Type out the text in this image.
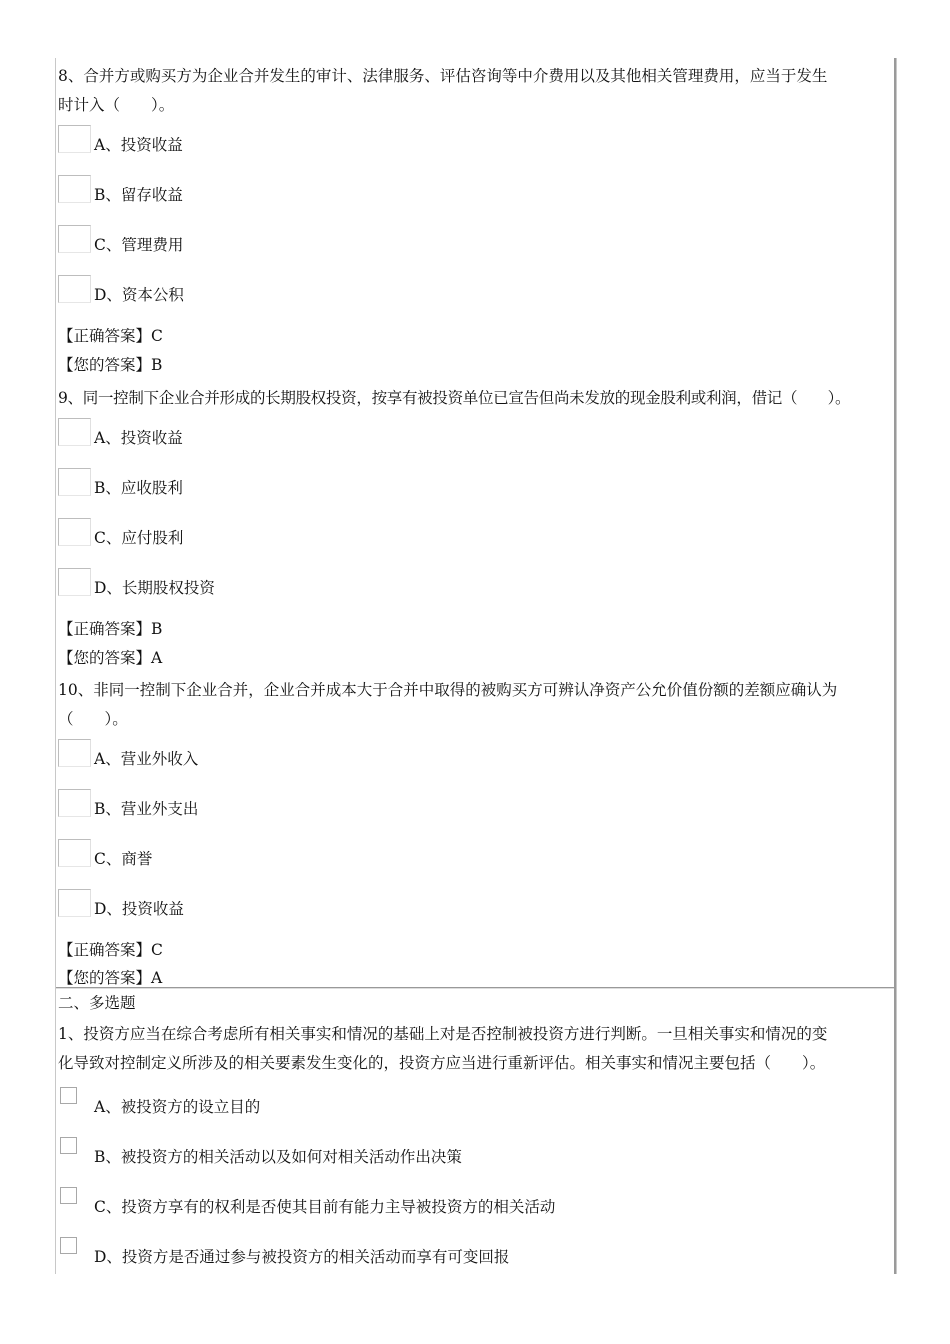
8、合并方或购买方为企业合并发生的审计、法律服务、评估咨询等中介费用以及其他相关管理费用，应当于发生
时计入（　　）。
A、投资收益
B、留存收益
C、管理费用
D、资本公积
【正确答案】C
【您的答案】B
9、同一控制下企业合并形成的长期股权投资，按享有被投资单位已宣告但尚未发放的现金股利或利润，借记（　　）。
A、投资收益
B、应收股利
C、应付股利
D、长期股权投资
【正确答案】B
【您的答案】A
10、非同一控制下企业合并，企业合并成本大于合并中取得的被购买方可辨认净资产公允价值份额的差额应确认为
（　　）。
A、营业外收入
B、营业外支出
C、商誉
D、投资收益
【正确答案】C
【您的答案】A
二、多选题
1、投资方应当在综合考虑所有相关事实和情况的基础上对是否控制被投资方进行判断。一旦相关事实和情况的变
化导致对控制定义所涉及的相关要素发生变化的，投资方应当进行重新评估。相关事实和情况主要包括（　　）。
A、被投资方的设立目的
B、被投资方的相关活动以及如何对相关活动作出决策
C、投资方享有的权利是否使其目前有能力主导被投资方的相关活动
D、投资方是否通过参与被投资方的相关活动而享有可变回报
